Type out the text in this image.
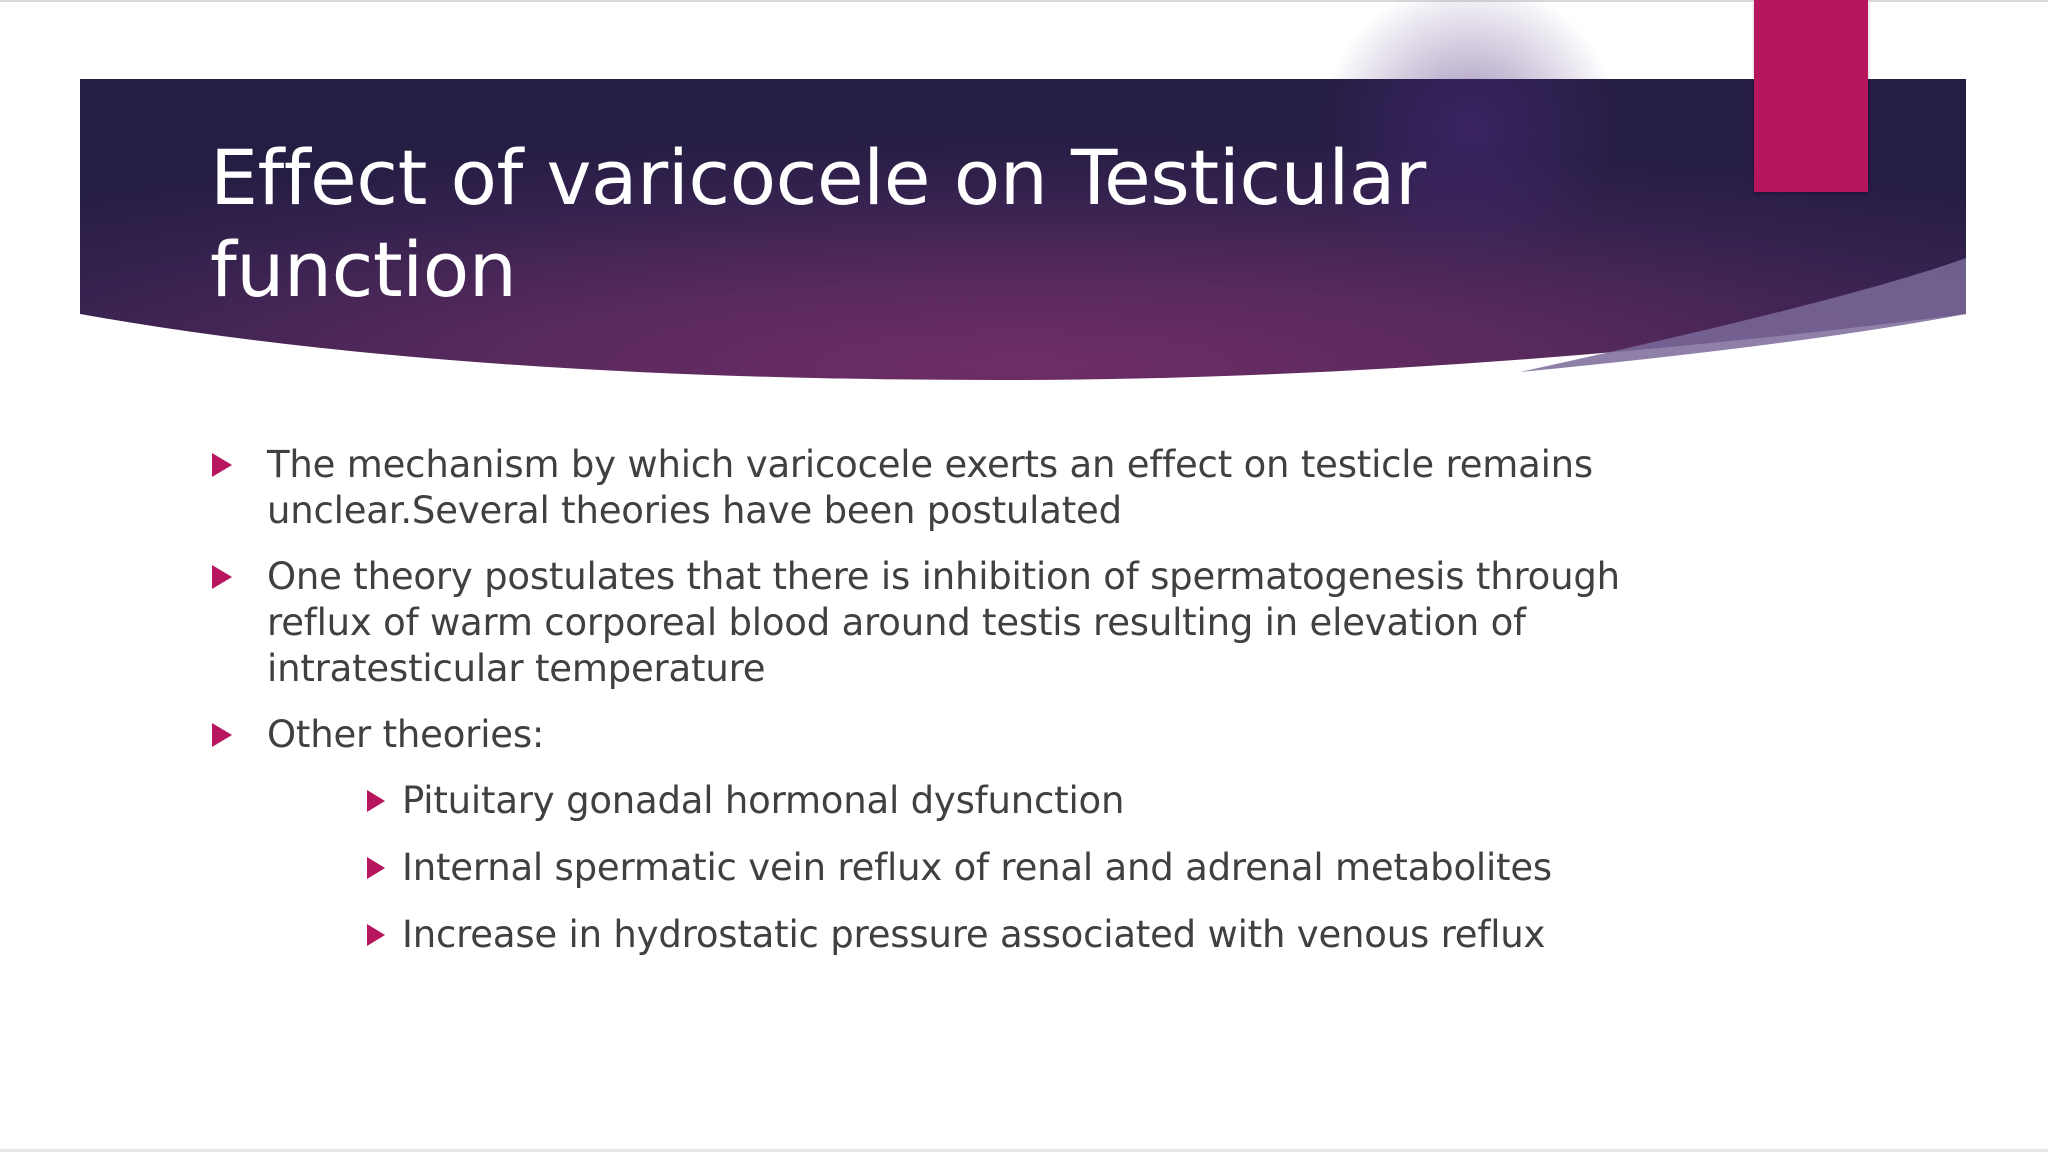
Effect of varicocele on Testicular function
The mechanism by which varicocele exerts an effect on testicle remains unclear.Several theories have been postulated
One theory postulates that there is inhibition of spermatogenesis through reflux of warm corporeal blood around testis resulting in elevation of intratesticular temperature
Other theories:
Pituitary gonadal hormonal dysfunction
Internal spermatic vein reflux of renal and adrenal metabolites
Increase in hydrostatic pressure associated with venous reflux
